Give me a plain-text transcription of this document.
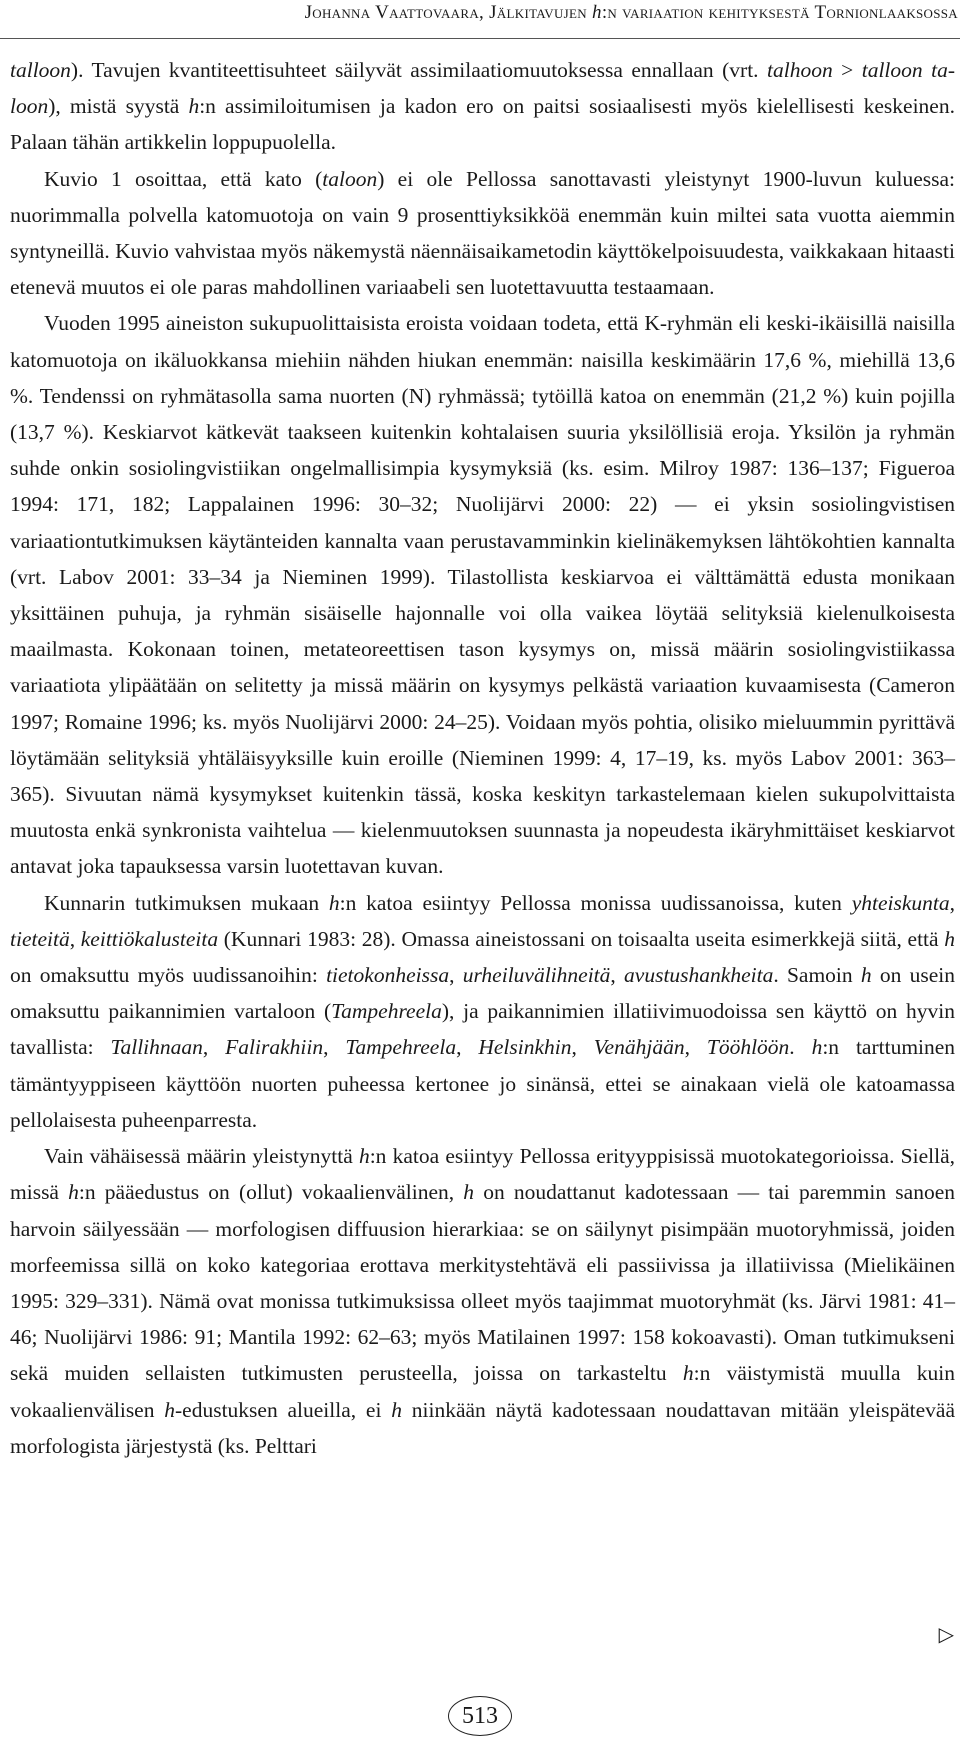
Johanna Vaattovaara, Jälkitavujen h:n variaation kehityksestä Tornionlaaksossa

talloon). Tavujen kvantiteettisuhteet säilyvät assimilaatiomuutoksessa ennallaan (vrt. talhoon > talloon ta-loon), mistä syystä h:n assimiloitumisen ja kadon ero on paitsi sosiaalisesti myös kielellisesti keskeinen. Palaan tähän artikkelin loppupuolella.

Kuvio 1 osoittaa, että kato (taloon) ei ole Pellossa sanottavasti yleistynyt 1900-luvun kuluessa: nuorimmalla polvella katomuotoja on vain 9 prosenttiyksikköä enemmän kuin miltei sata vuotta aiemmin syntyneillä. Kuvio vahvistaa myös näkemystä näennäisaikametodin käyttökelpoisuudesta, vaikkakaan hitaasti etenevä muutos ei ole paras mahdollinen variaabeli sen luotettavuutta testaamaan.

Vuoden 1995 aineiston sukupuolittaisista eroista voidaan todeta, että K-ryhmän eli keski-ikäisillä naisilla katomuotoja on ikäluokkansa miehiin nähden hiukan enemmän: naisilla keskimäärin 17,6 %, miehillä 13,6 %. Tendenssi on ryhmätasolla sama nuorten (N) ryhmässä; tytöillä katoa on enemmän (21,2 %) kuin pojilla (13,7 %). Keskiarvot kätkevät taakseen kuitenkin kohtalaisen suuria yksilöllisiä eroja. Yksilön ja ryhmän suhde onkin sosiolingvistiikan ongelmallisimpia kysymyksiä (ks. esim. Milroy 1987: 136–137; Figueroa 1994: 171, 182; Lappalainen 1996: 30–32; Nuolijärvi 2000: 22) — ei yksin sosiolingvistisen variaationtutkimuksen käytänteiden kannalta vaan perustavamminkin kielinäkemyksen lähtökohtien kannalta (vrt. Labov 2001: 33–34 ja Nieminen 1999). Tilastollista keskiarvoa ei välttämättä edusta monikaan yksittäinen puhuja, ja ryhmän sisäiselle hajonnalle voi olla vaikea löytää selityksiä kielenulkoisesta maailmasta. Kokonaan toinen, metateoreettisen tason kysymys on, missä määrin sosiolingvistiikassa variaatiota ylipäätään on selitetty ja missä määrin on kysymys pelkästä variaation kuvaamisesta (Cameron 1997; Romaine 1996; ks. myös Nuolijärvi 2000: 24–25). Voidaan myös pohtia, olisiko mieluummin pyrittävä löytämään selityksiä yhtäläisyyksille kuin eroille (Nieminen 1999: 4, 17–19, ks. myös Labov 2001: 363–365). Sivuutan nämä kysymykset kuitenkin tässä, koska keskityn tarkastelemaan kielen sukupolvittaista muutosta enkä synkronista vaihtelua — kielenmuutoksen suunnasta ja nopeudesta ikäryhmittäiset keskiarvot antavat joka tapauksessa varsin luotettavan kuvan.

Kunnarin tutkimuksen mukaan h:n katoa esiintyy Pellossa monissa uudissanoissa, kuten yhteiskunta, tieteitä, keittiökalusteita (Kunnari 1983: 28). Omassa aineistossani on toisaalta useita esimerkkejä siitä, että h on omaksuttu myös uudissanoihin: tietokonheissa, urheiluvälihneitä, avustushankheita. Samoin h on usein omaksuttu paikannimien vartaloon (Tampehreela), ja paikannimien illatiivimuodoissa sen käyttö on hyvin tavallista: Tallihnaan, Falirakhiin, Tampehreela, Helsinkhin, Venähjään, Tööhlöön. h:n tarttuminen tämäntyyppiseen käyttöön nuorten puheessa kertonee jo sinänsä, ettei se ainakaan vielä ole katoamassa pellolaisesta puheenparresta.

Vain vähäisessä määrin yleistynyttä h:n katoa esiintyy Pellossa erityyppisissä muotokategorioissa. Siellä, missä h:n pääedustus on (ollut) vokaalienvälinen, h on noudattanut kadotessaan — tai paremmin sanoen harvoin säilyessään — morfologisen diffuusion hierarkiaa: se on säilynyt pisimpään muotoryhmissä, joiden morfeemissa sillä on koko kategoriaa erottava merkitystehtävä eli passiivissa ja illatiivissa (Mielikäinen 1995: 329–331). Nämä ovat monissa tutkimuksissa olleet myös taajimmat muotoryhmät (ks. Järvi 1981: 41–46; Nuolijärvi 1986: 91; Mantila 1992: 62–63; myös Matilainen 1997: 158 kokoavasti). Oman tutkimukseni sekä muiden sellaisten tutkimusten perusteella, joissa on tarkasteltu h:n väistymistä muulla kuin vokaalienvälisen h-edustuksen alueilla, ei h niinkään näytä kadotessaan noudattavan mitään yleispätevää morfologista järjestystä (ks. Pelttari

▷
513
